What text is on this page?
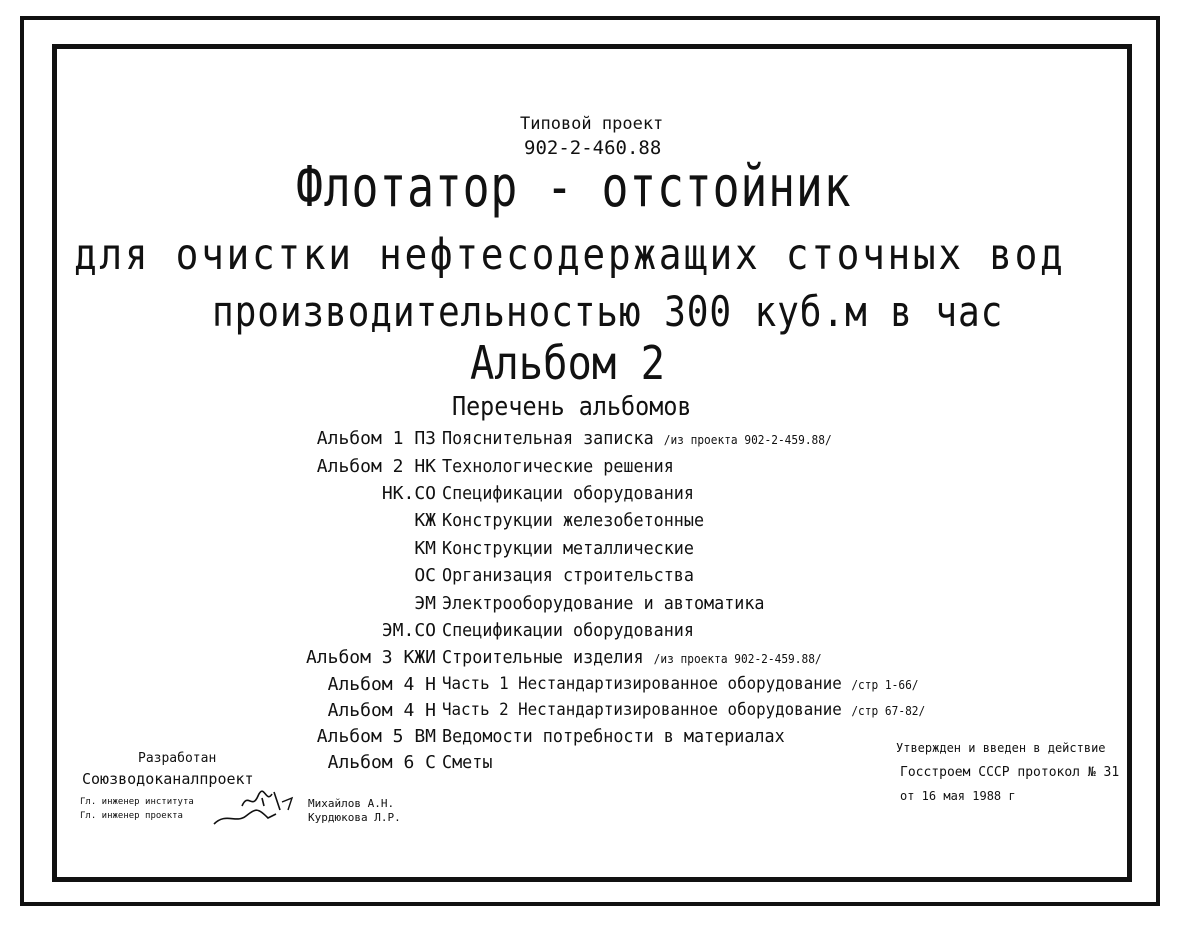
Типовой проект
902-2-460.88
Флотатор - отстойник
для очистки нефтесодержащих сточных вод
производительностью 300 куб.м в час
Альбом 2
Перечень альбомов
Альбом 1 ПЗ Пояснительная записка /из проекта 902-2-459.88/
Альбом 2 НК Технологические решения
НК.СО Спецификации оборудования
КЖ Конструкции железобетонные
КМ Конструкции металлические
ОС Организация строительства
ЭМ Электрооборудование и автоматика
ЭМ.СО Спецификации оборудования
Альбом 3 КЖИ Строительные изделия /из проекта 902-2-459.88/
Альбом 4 Н Часть 1 Нестандартизированное оборудование /стр 1-66/
Альбом 4 Н Часть 2 Нестандартизированное оборудование /стр 67-82/
Альбом 5 ВМ Ведомости потребности в материалах
Альбом 6 С Сметы
Разработан
Союзводоканалпроект
Гл. инженер института
Гл. инженер проекта
Михайлов А.Н.
Курдюкова Л.Р.
Утвержден и введен в действие
Госстроем СССР протокол № 31
от 16 мая 1988 г
